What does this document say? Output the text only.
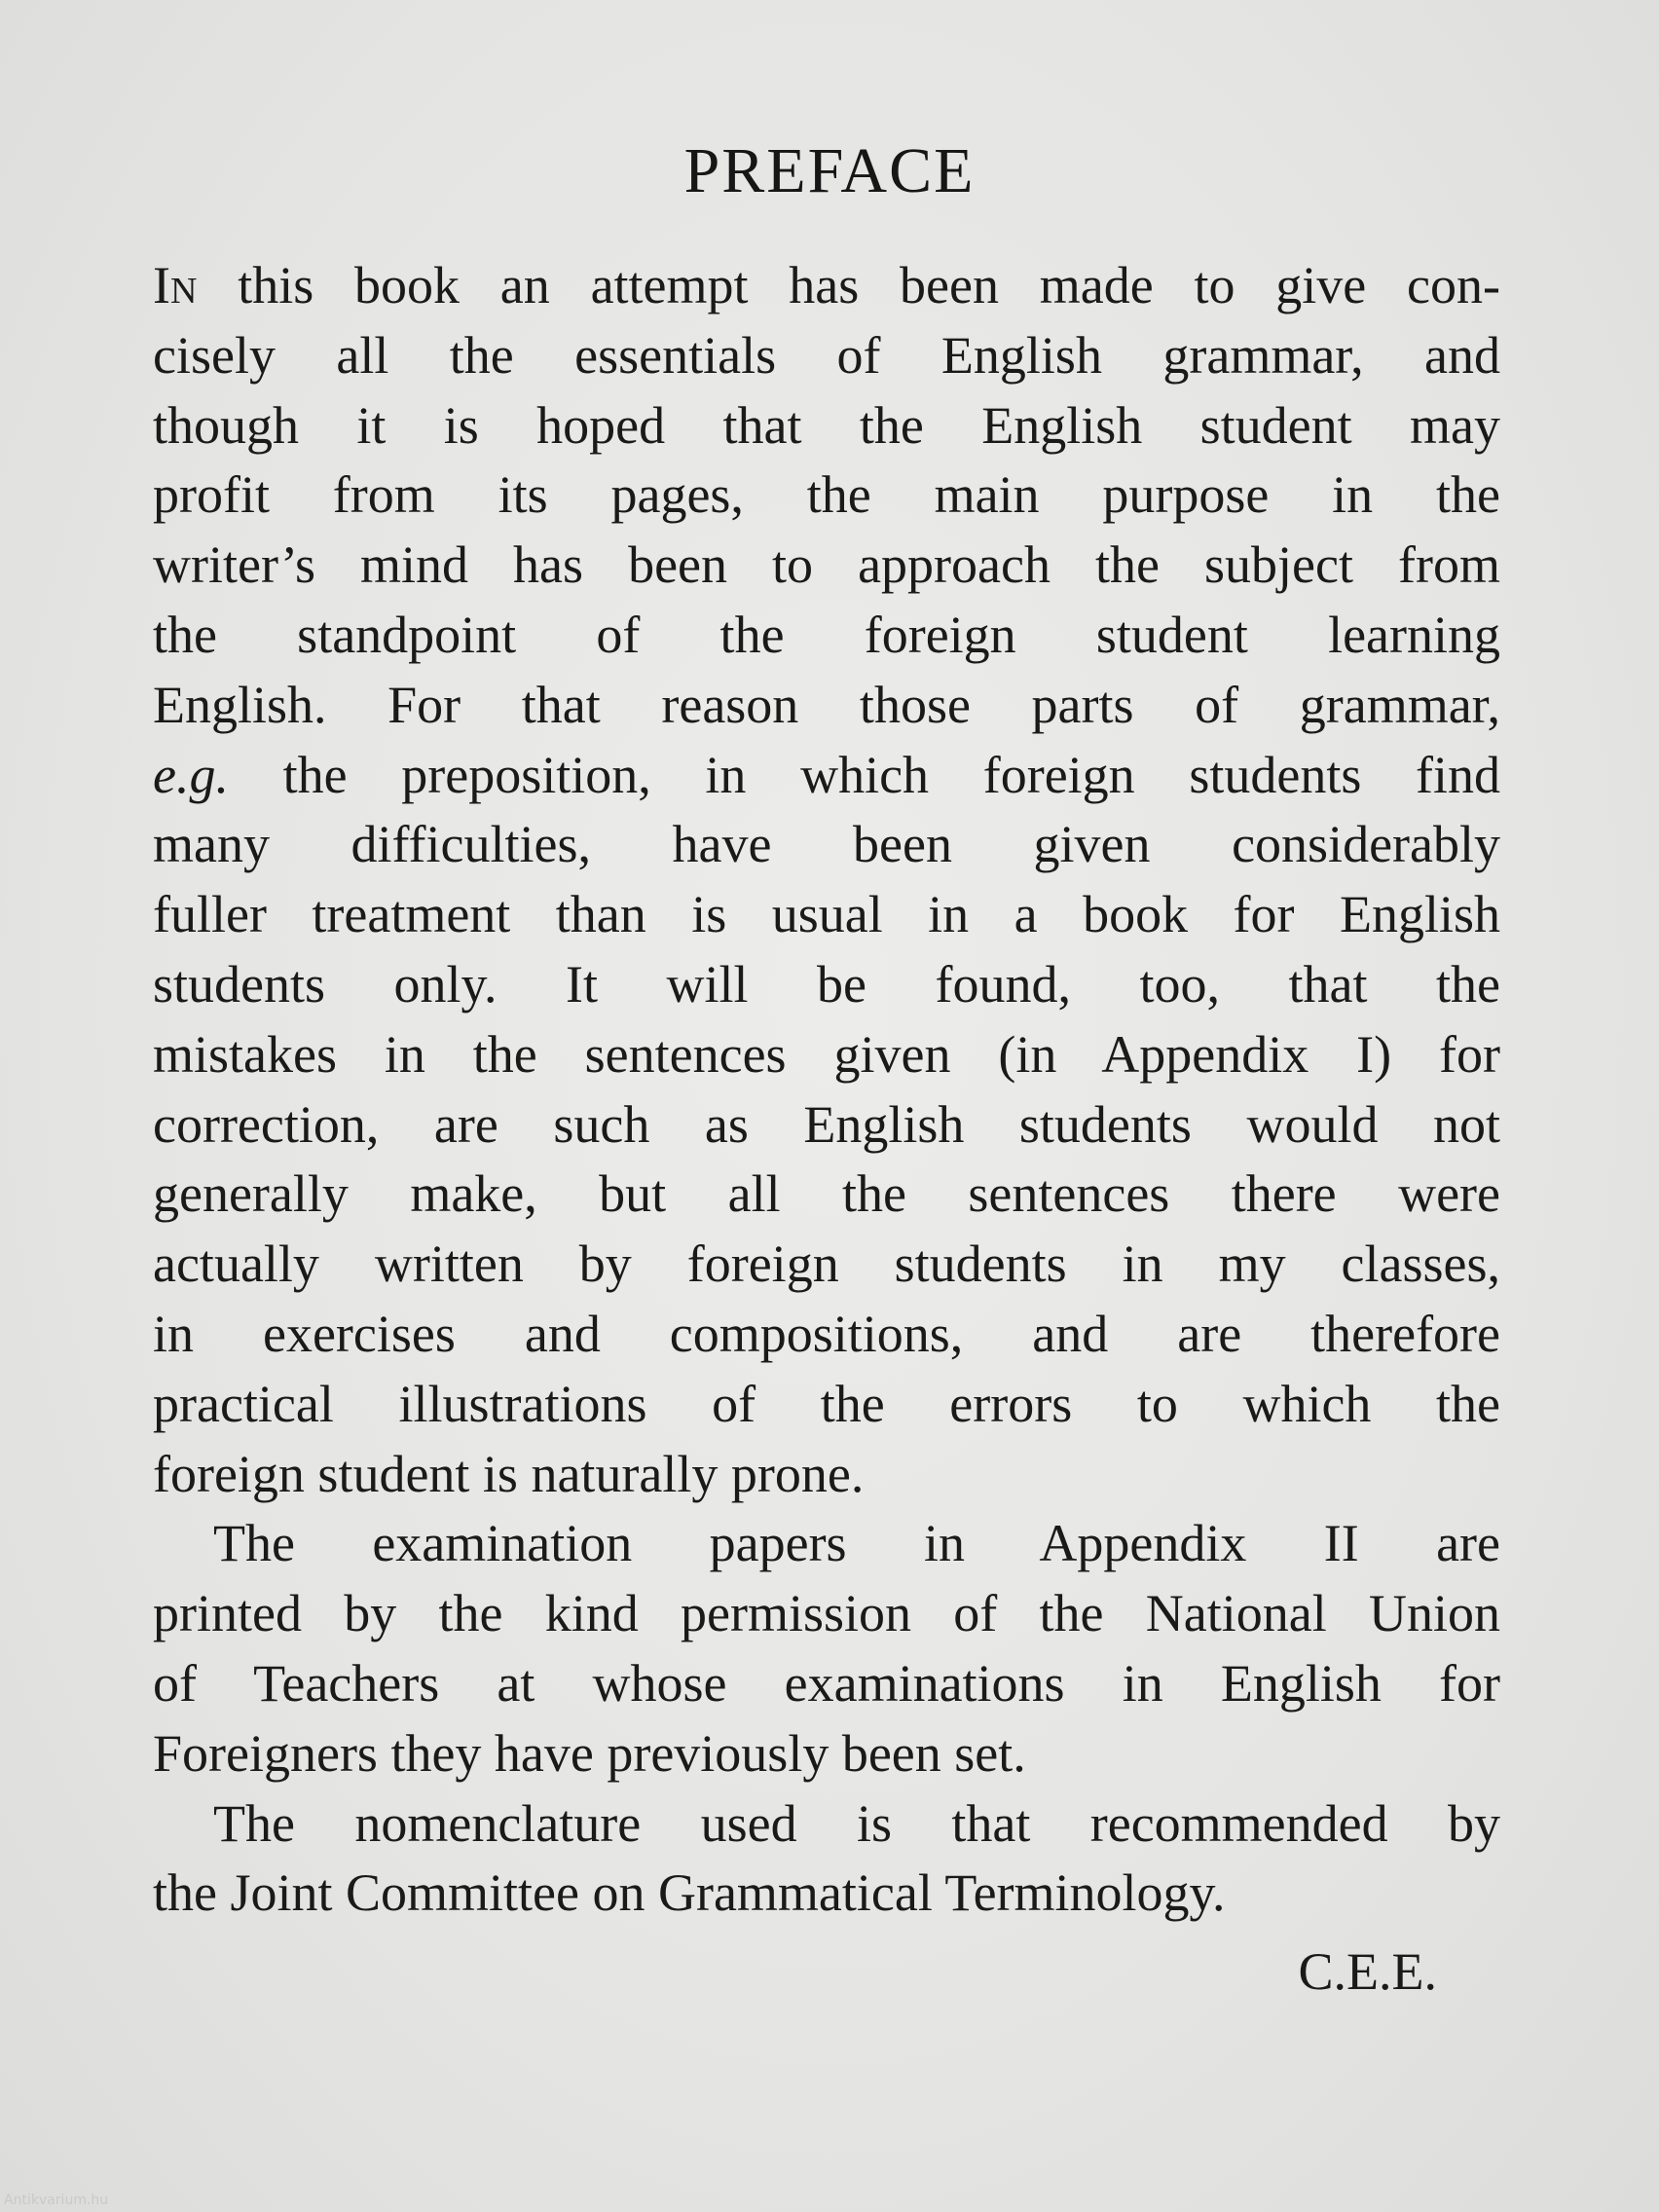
PREFACE
In this book an attempt has been made to give con-
cisely all the essentials of English grammar, and
though it is hoped that the English student may
profit from its pages, the main purpose in the
writer’s mind has been to approach the subject from
the standpoint of the foreign student learning
English. For that reason those parts of grammar,
e.g. the preposition, in which foreign students find
many difficulties, have been given considerably
fuller treatment than is usual in a book for English
students only. It will be found, too, that the
mistakes in the sentences given (in Appendix I) for
correction, are such as English students would not
generally make, but all the sentences there were
actually written by foreign students in my classes,
in exercises and compositions, and are therefore
practical illustrations of the errors to which the
foreign student is naturally prone.
The examination papers in Appendix II are
printed by the kind permission of the National Union
of Teachers at whose examinations in English for
Foreigners they have previously been set.
The nomenclature used is that recommended by
the Joint Committee on Grammatical Terminology.
C.E.E.
Antikvarium.hu
